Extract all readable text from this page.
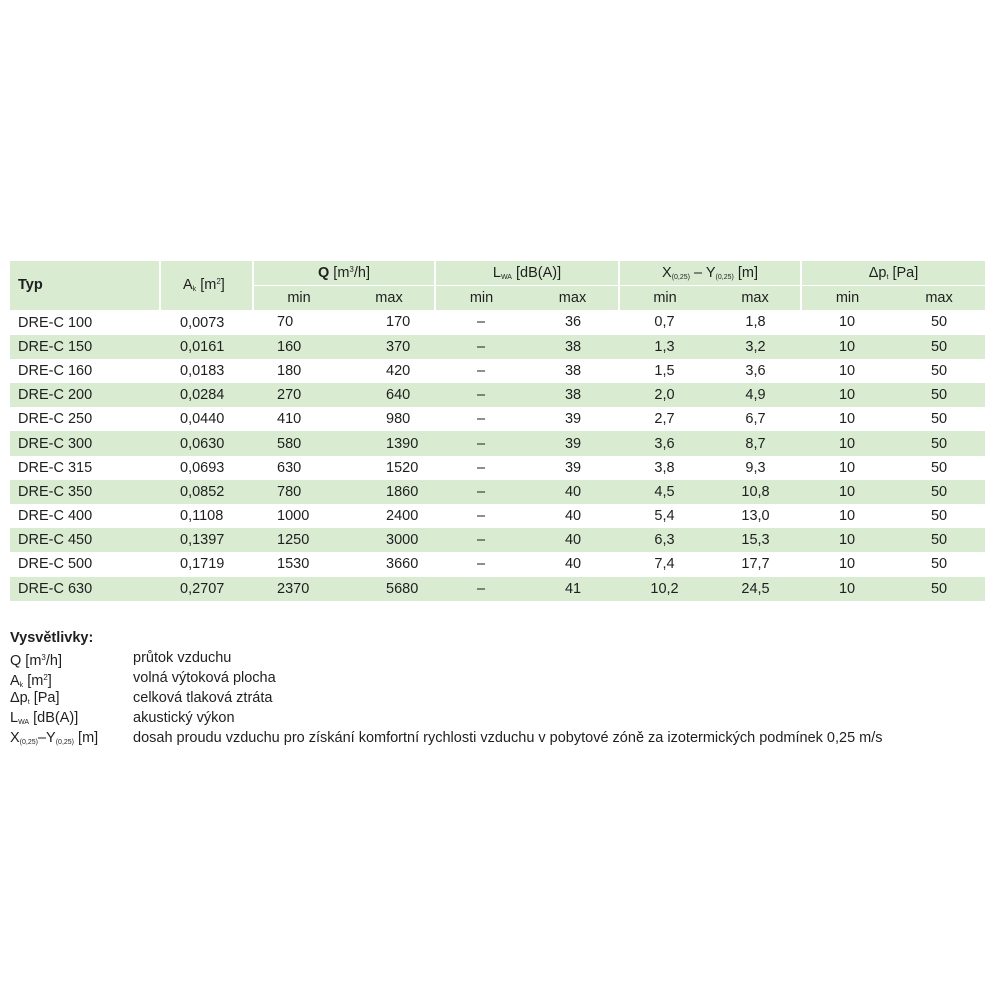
Typ	$A_k$ $[m^2]$	Q $[m^3/h]$		$L_{WA}$ [dB(A)]		$X_{(0,25)} - Y_{(0,25)}$ [m]		$\Delta p_t$ [Pa]	
		min	max	min	max	min	max	min	max
DRE-C 100	0,0073	70	170	–	36	0,7	1,8	10	50
DRE-C 150	0,0161	160	370	–	38	1,3	3,2	10	50
DRE-C 160	0,0183	180	420	–	38	1,5	3,6	10	50
DRE-C 200	0,0284	270	640	–	38	2,0	4,9	10	50
DRE-C 250	0,0440	410	980	–	39	2,7	6,7	10	50
DRE-C 300	0,0630	580	1390	–	39	3,6	8,7	10	50
DRE-C 315	0,0693	630	1520	–	39	3,8	9,3	10	50
DRE-C 350	0,0852	780	1860	–	40	4,5	10,8	10	50
DRE-C 400	0,1108	1000	2400	–	40	5,4	13,0	10	50
DRE-C 450	0,1397	1250	3000	–	40	6,3	15,3	10	50
DRE-C 500	0,1719	1530	3660	–	40	7,4	17,7	10	50
DRE-C 630	0,2707	2370	5680	–	41	10,2	24,5	10	50
Vysvětlivky:
Q $[m^3/h]$	průtok vzduchu
$A_k$ $[m^2]$	volná výtoková plocha
$\Delta p_t$ [Pa]	celková tlaková ztráta
$L_{WA}$ [dB(A)]	akustický výkon
$X_{(0,25)}-Y_{(0,25)}$ [m]	dosah proudu vzduchu pro získání komfortní rychlosti vzduchu v pobytové zóně za izotermických podmínek 0,25 m/s
